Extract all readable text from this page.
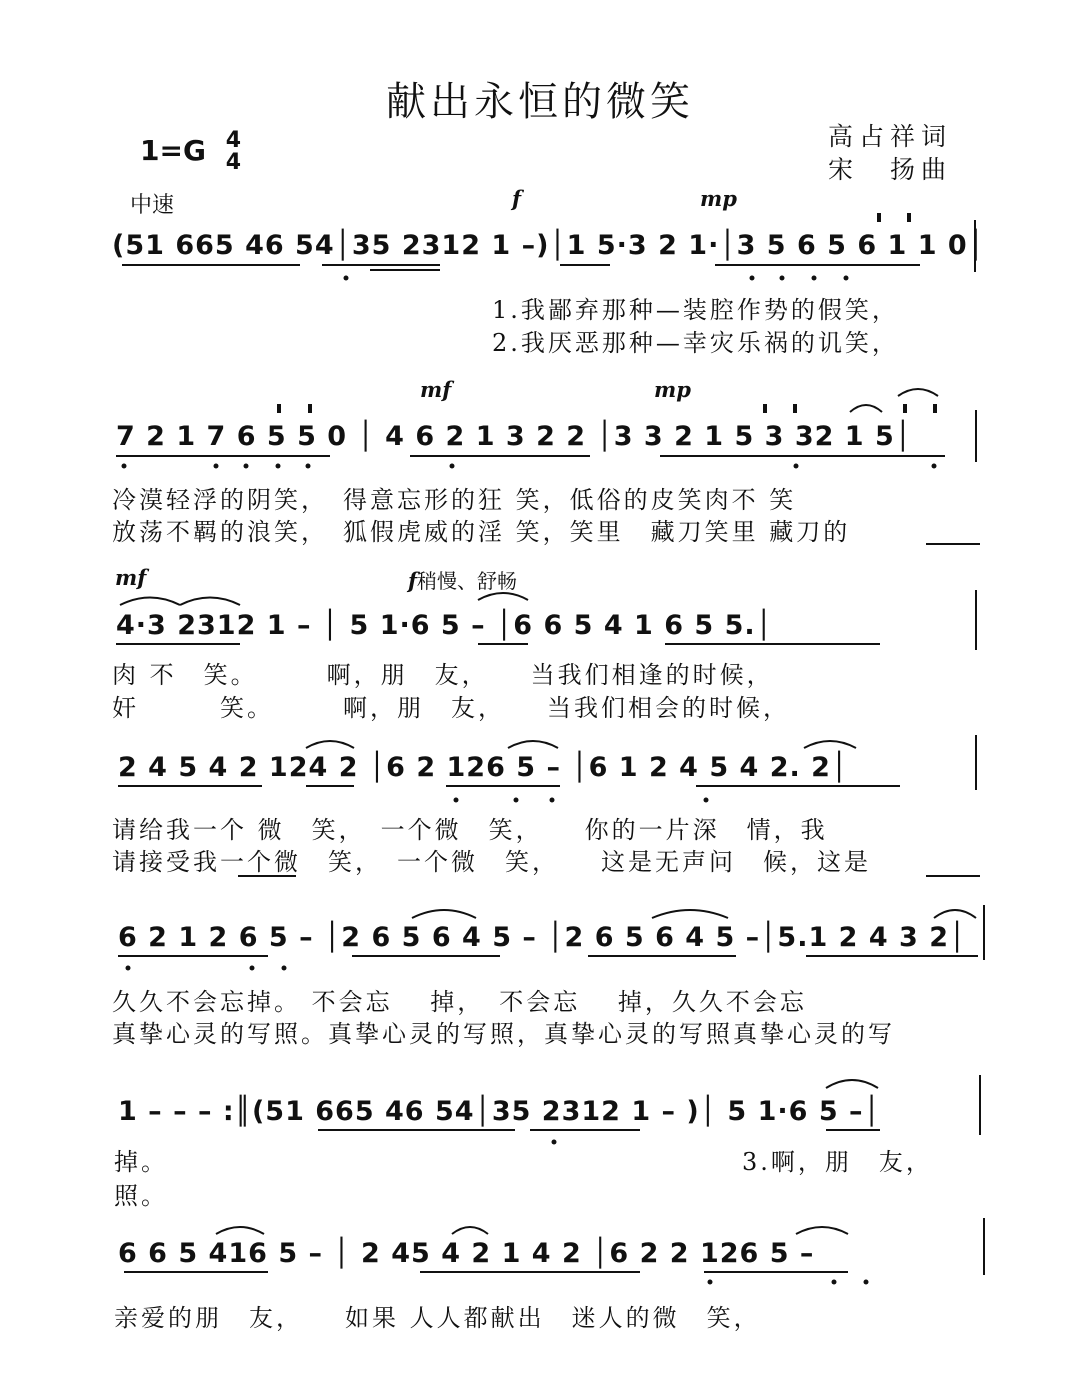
献出永恒的微笑
高占祥词
宋　扬曲
1=G 4
4
中速	f	mp
mf	mp
mf	f稍慢、舒畅
(51 665 46 54│35 2312 1 –)│1 5·3 2 1·│3 5 6 5 6 1 1 0│
1.我鄙弃那种—装腔作势的假笑，
2.我厌恶那种—幸灾乐祸的讥笑，
7 2 1 7 6 5 5 0 │ 4 6 2 1 3 2 2 │3 3 2 1 5 3 32 1 5│
冷漠轻浮的阴笑，　得意忘形的狂 笑，低俗的皮笑肉不 笑
放荡不羁的浪笑，　狐假虎威的淫 笑，笑里　藏刀笑里 藏刀的
4·3 2312 1 – │ 5 1·6 5 – │6 6 5 4 1 6 5 5.│
肉 不　笑。　　　啊，朋　友，　　当我们相逢的时候，
奸　　　笑。　　　啊，朋　友，　　当我们相会的时候，
2 4 5 4 2 124 2 │6 2 126 5 – │6 1 2 4 5 4 2. 2│
请给我一个 微　笑，　一个微　笑，　　你的一片深　情，我
请接受我一个微　笑，　一个微　笑，　　这是无声问　候，这是
6 2 1 2 6 5 – │2 6 5 6 4 5 – │2 6 5 6 4 5 –│5.1 2 4 3 2│
久久不会忘掉。 不会忘　 掉，　不会忘　 掉，久久不会忘
真挚心灵的写照。真挚心灵的写照，真挚心灵的写照真挚心灵的写
1 – – – :║(51 665 46 54│35 2312 1 – )│ 5 1·6 5 –│
掉。
照。
3.啊，朋　友，
6 6 5 416 5 – │ 2 45 4 2 1 4 2 │6 2 2 126 5 –
亲爱的朋　友，　　如果 人人都献出　迷人的微　笑，
